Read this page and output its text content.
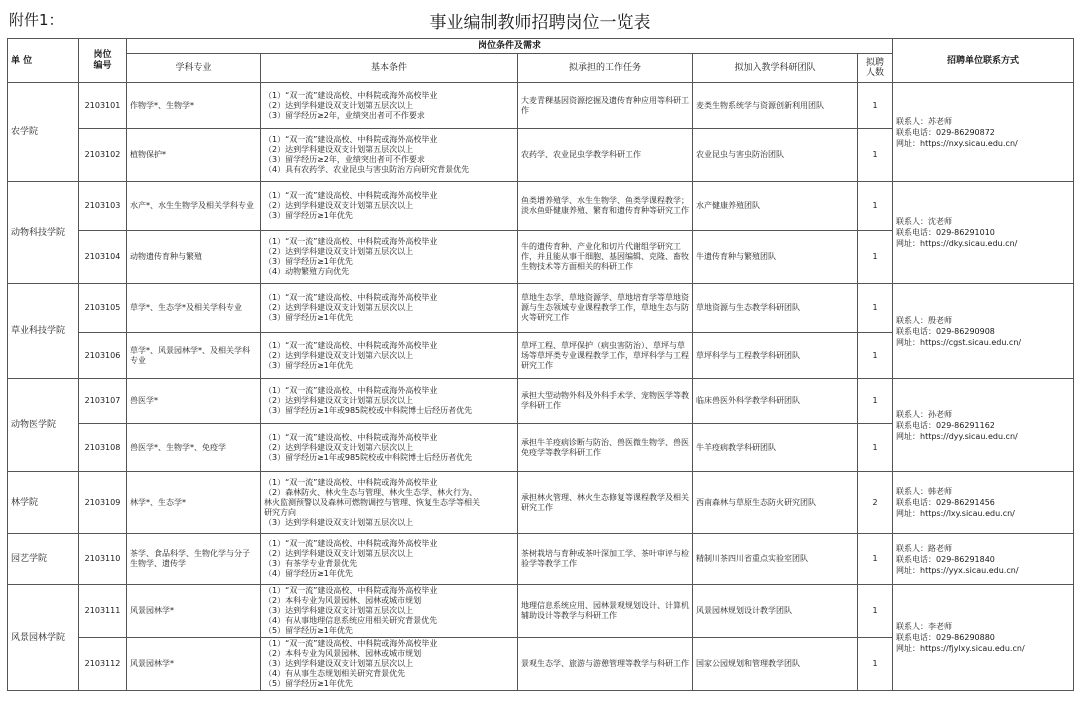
附件1：	事业编制教师招聘岗位一览表
单 位	岗位
编号	岗位条件及需求					招聘单位联系方式
		学科专业	基本条件	拟承担的工作任务	拟加入教学科研团队	拟聘
人数	
农学院	2103101	作物学*、生物学*	（1）“双一流”建设高校、中科院或海外高校毕业
（2）达到学科建设双支计划第五层次以上
（3）留学经历≥2年，业绩突出者可不作要求	大麦青稞基因资源挖掘及遗传育种应用等科研工作	麦类生物系统学与资源创新利用团队	1	联系人：苏老师
联系电话：029-86290872
网址：https://nxy.sicau.edu.cn/

	2103102	植物保护*	（1）“双一流”建设高校、中科院或海外高校毕业
（2）达到学科建设双支计划第五层次以上
（3）留学经历≥2年，业绩突出者可不作要求
（4）具有农药学、农业昆虫与害虫防治方向研究背景优先	农药学、农业昆虫学教学科研工作	农业昆虫与害虫防治团队	1	
动物科技学院	2103103	水产*、水生生物学及相关学科专业	（1）“双一流”建设高校、中科院或海外高校毕业
（2）达到学科建设双支计划第五层次以上
（3）留学经历≥1年优先	鱼类增养殖学、水生生物学、鱼类学课程教学；淡水鱼虾健康养殖、繁育和遗传育种等研究工作	水产健康养殖团队	1	联系人：沈老师
联系电话：029-86291010
网址：https://dky.sicau.edu.cn/

	2103104	动物遗传育种与繁殖	（1）“双一流”建设高校、中科院或海外高校毕业
（2）达到学科建设双支计划第五层次以上
（3）留学经历≥1年优先
（4）动物繁殖方向优先	牛的遗传育种、产业化和切片代谢组学研究工作，并且能从事干细胞、基因编辑、克隆、畜牧生物技术等方面相关的科研工作	牛遗传育种与繁殖团队	1	
草业科技学院	2103105	草学*、生态学*及相关学科专业	（1）“双一流”建设高校、中科院或海外高校毕业
（2）达到学科建设双支计划第五层次以上
（3）留学经历≥1年优先	草地生态学、草地资源学、草地培育学等草地资源与生态领域专业课程教学工作，草地生态与防火等研究工作	草地资源与生态教学科研团队	1	联系人：殷老师
联系电话：029-86290908
网址：https://cgst.sicau.edu.cn/

	2103106	草学*、风景园林学*、及相关学科专业	（1）“双一流”建设高校、中科院或海外高校毕业
（2）达到学科建设双支计划第六层次以上
（3）留学经历≥1年优先	草坪工程、草坪保护（病虫害防治）、草坪与草场等草坪类专业课程教学工作，草坪科学与工程研究工作	草坪科学与工程教学科研团队	1	
动物医学院	2103107	兽医学*	（1）“双一流”建设高校、中科院或海外高校毕业
（2）达到学科建设双支计划第五层次以上
（3）留学经历≥1年或985院校或中科院博士后经历者优先	承担大型动物外科及外科手术学、宠物医学等教学科研工作	临床兽医外科学教学科研团队	1	联系人：孙老师
联系电话：029-86291162
网址：https://dyy.sicau.edu.cn/

	2103108	兽医学*、生物学*、免疫学	（1）“双一流”建设高校、中科院或海外高校毕业
（2）达到学科建设双支计划第六层次以上
（3）留学经历≥1年或985院校或中科院博士后经历者优先	承担牛羊疫病诊断与防治、兽医微生物学、兽医免疫学等教学科研工作	牛羊疫病教学科研团队	1	
林学院	2103109	林学*、生态学*	（1）“双一流”建设高校、中科院或海外高校毕业
（2）森林防火、林火生态与管理、林火生态学、林火行为、
林火监测预警以及森林可燃物调控与管理、恢复生态学等相关
研究方向
（3）达到学科建设双支计划第五层次以上	承担林火管理、林火生态修复等课程教学及相关研究工作	西南森林与草原生态防火研究团队	2	联系人：韩老师
联系电话：029-86291456
网址：https://lxy.sicau.edu.cn/

园艺学院	2103110	茶学、食品科学、生物化学与分子生物学、遗传学	（1）“双一流”建设高校、中科院或海外高校毕业
（2）达到学科建设双支计划第五层次以上
（3）有茶学专业背景优先
（4）留学经历≥1年优先	茶树栽培与育种或茶叶深加工学、茶叶审评与检验学等教学工作	精制川茶四川省重点实验室团队	1	联系人：路老师
联系电话：029-86291840
网址：https://yyx.sicau.edu.cn/

风景园林学院	2103111	风景园林学*	（1）“双一流”建设高校、中科院或海外高校毕业
（2）本科专业为风景园林、园林或城市规划
（3）达到学科建设双支计划第五层次以上
（4）有从事地理信息系统应用相关研究背景优先
（5）留学经历≥1年优先	地理信息系统应用、园林景观规划设计、计算机辅助设计等教学与科研工作	风景园林规划设计教学团队	1	联系人：李老师
联系电话：029-86290880
网址：https://fjylxy.sicau.edu.cn/

	2103112	风景园林学*	（1）“双一流”建设高校、中科院或海外高校毕业
（2）本科专业为风景园林、园林或城市规划
（3）达到学科建设双支计划第五层次以上
（4）有从事生态规划相关研究背景优先
（5）留学经历≥1年优先	景观生态学、旅游与游憩管理等教学与科研工作	国家公园规划和管理教学团队	1	
